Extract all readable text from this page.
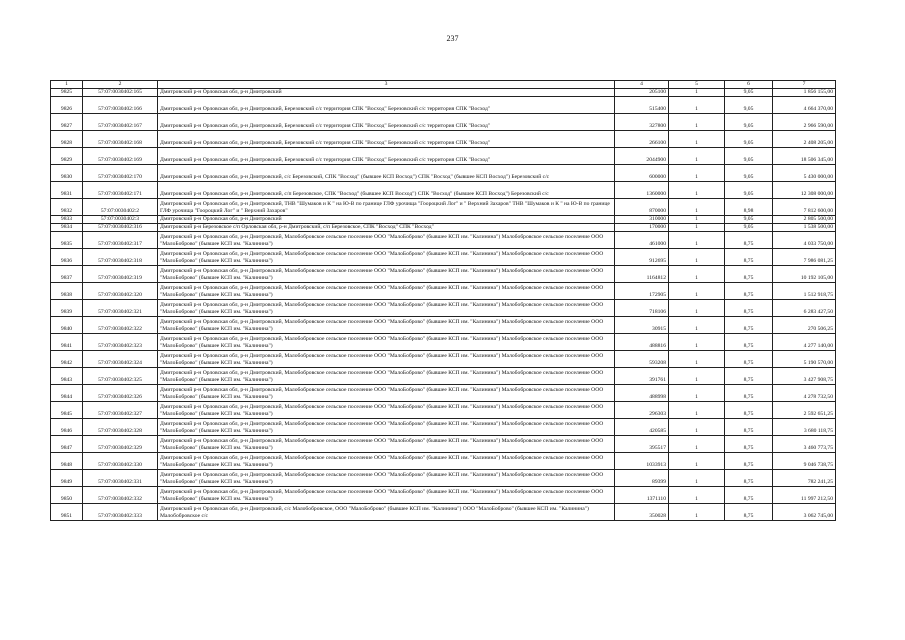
237
1	2	3	4	5	6	7
9825	57:07:0030402:165	Дмитровский р-н Орловская обл, р-н Дмитровский	205100	1	9,05	1 856 155,00
9826	57:07:0030402:166	Дмитровский р-н Орловская обл, р-н Дмитровский, Березовский с/с территория СПК "Восход" Березовский с/с территория СПК "Восход"	515400	1	9,05	4 664 370,00
9827	57:07:0030402:167	Дмитровский р-н Орловская обл, р-н Дмитровский, Березовский с/с территория СПК "Восход" Березовский с/с территория СПК "Восход"	327800	1	9,05	2 966 590,00
9828	57:07:0030402:168	Дмитровский р-н Орловская обл, р-н Дмитровский, Березовский с/с территория СПК "Восход" Березовский с/с территория СПК "Восход"	266100	1	9,05	2 408 205,00
9829	57:07:0030402:169	Дмитровский р-н Орловская обл, р-н Дмитровский, Березовский с/с территория СПК "Восход" Березовский с/с территория СПК "Восход"	2044900	1	9,05	18 506 345,00
9830	57:07:0030402:170	Дмитровский р-н Орловская обл, р-н Дмитровский, с/с Березовский, СПК "Восход" (бывшее КСП Восход") СПК "Восход" (бывшее КСП Восход") Березовский с/с	600000	1	9,05	5 430 000,00
9831	57:07:0030402:171	Дмитровский р-н Орловская обл, р-н Дмитровский, с/п Березовское, СПК "Восход" (бывшее КСП Восход") СПК "Восход" (бывшее КСП Восход") Березовский с/с	1360000	1	9,05	12 308 000,00
9832	57:07:0030402:2	Дмитровский р-н Орловская обл, р-н Дмитровский, ТНВ "Шумаков и К " на Ю-В по границе ГЛФ урочища "Гоороцкий Лог" и " Верхний Захаров" ТНВ "Шумаков и К " на Ю-В по границе ГЛФ урочища "Гоороцкий Лог" и " Верхний Захаров"	870000	1	8,98	7 812 600,00
9833	57:07:0030402:3	Дмитровский р-н Орловская обл, р-н Дмитровский	310000	1	9,05	2 805 500,00
9834	57:07:0030402:316	Дмитровский р-н Березовское с/п Орловская обл, р-н Дмитровский, с/п Березовское, СПК "Восход" СПК "Восход"	170000	1	9,05	1 538 500,00
9835	57:07:0030402:317	Дмитровский р-н Орловская обл, р-н Дмитровский, Малобобровское сельское поселение ООО "МалоБоброво" (бывшее КСП им. "Калинина") Малобобровское сельское поселение ООО "МалоБоброво" (бывшее КСП им. "Калинина")	461000	1	8,75	4 033 750,00
9836	57:07:0030402:318	Дмитровский р-н Орловская обл, р-н Дмитровский, Малобобровское сельское поселение ООО "МалоБоброво" (бывшее КСП им. "Калинина") Малобобровское сельское поселение ООО "МалоБоброво" (бывшее КСП им. "Калинина")	912695	1	8,75	7 986 081,25
9837	57:07:0030402:319	Дмитровский р-н Орловская обл, р-н Дмитровский, Малобобровское сельское поселение ООО "МалоБоброво" (бывшее КСП им. "Калинина") Малобобровское сельское поселение ООО "МалоБоброво" (бывшее КСП им. "Калинина")	1164812	1	8,75	10 192 105,00
9838	57:07:0030402:320	Дмитровский р-н Орловская обл, р-н Дмитровский, Малобобровское сельское поселение ООО "МалоБоброво" (бывшее КСП им. "Калинина") Малобобровское сельское поселение ООО "МалоБоброво" (бывшее КСП им. "Калинина")	172905	1	8,75	1 512 918,75
9839	57:07:0030402:321	Дмитровский р-н Орловская обл, р-н Дмитровский, Малобобровское сельское поселение ООО "МалоБоброво" (бывшее КСП им. "Калинина") Малобобровское сельское поселение ООО "МалоБоброво" (бывшее КСП им. "Калинина")	718106	1	8,75	6 283 427,50
9840	57:07:0030402:322	Дмитровский р-н Орловская обл, р-н Дмитровский, Малобобровское сельское поселение ООО "МалоБоброво" (бывшее КСП им. "Калинина") Малобобровское сельское поселение ООО "МалоБоброво" (бывшее КСП им. "Калинина")	30915	1	8,75	270 506,25
9841	57:07:0030402:323	Дмитровский р-н Орловская обл, р-н Дмитровский, Малобобровское сельское поселение ООО "МалоБоброво" (бывшее КСП им. "Калинина") Малобобровское сельское поселение ООО "МалоБоброво" (бывшее КСП им. "Калинина")	488816	1	8,75	4 277 140,00
9842	57:07:0030402:324	Дмитровский р-н Орловская обл, р-н Дмитровский, Малобобровское сельское поселение ООО "МалоБоброво" (бывшее КСП им. "Калинина") Малобобровское сельское поселение ООО "МалоБоброво" (бывшее КСП им. "Калинина")	593208	1	8,75	5 190 570,00
9843	57:07:0030402:325	Дмитровский р-н Орловская обл, р-н Дмитровский, Малобобровское сельское поселение ООО "МалоБоброво" (бывшее КСП им. "Калинина") Малобобровское сельское поселение ООО "МалоБоброво" (бывшее КСП им. "Калинина")	391761	1	8,75	3 427 908,75
9844	57:07:0030402:326	Дмитровский р-н Орловская обл, р-н Дмитровский, Малобобровское сельское поселение ООО "МалоБоброво" (бывшее КСП им. "Калинина") Малобобровское сельское поселение ООО "МалоБоброво" (бывшее КСП им. "Калинина")	488998	1	8,75	4 278 732,50
9845	57:07:0030402:327	Дмитровский р-н Орловская обл, р-н Дмитровский, Малобобровское сельское поселение ООО "МалоБоброво" (бывшее КСП им. "Калинина") Малобобровское сельское поселение ООО "МалоБоброво" (бывшее КСП им. "Калинина")	296303	1	8,75	2 592 651,25
9846	57:07:0030402:328	Дмитровский р-н Орловская обл, р-н Дмитровский, Малобобровское сельское поселение ООО "МалоБоброво" (бывшее КСП им. "Калинина") Малобобровское сельское поселение ООО "МалоБоброво" (бывшее КСП им. "Калинина")	420585	1	8,75	3 680 118,75
9847	57:07:0030402:329	Дмитровский р-н Орловская обл, р-н Дмитровский, Малобобровское сельское поселение ООО "МалоБоброво" (бывшее КСП им. "Калинина") Малобобровское сельское поселение ООО "МалоБоброво" (бывшее КСП им. "Калинина")	395517	1	8,75	3 460 773,75
9848	57:07:0030402:330	Дмитровский р-н Орловская обл, р-н Дмитровский, Малобобровское сельское поселение ООО "МалоБоброво" (бывшее КСП им. "Калинина") Малобобровское сельское поселение ООО "МалоБоброво" (бывшее КСП им. "Калинина")	1033913	1	8,75	9 046 738,75
9849	57:07:0030402:331	Дмитровский р-н Орловская обл, р-н Дмитровский, Малобобровское сельское поселение ООО "МалоБоброво" (бывшее КСП им. "Калинина") Малобобровское сельское поселение ООО "МалоБоброво" (бывшее КСП им. "Калинина")	89399	1	8,75	782 241,25
9850	57:07:0030402:332	Дмитровский р-н Орловская обл, р-н Дмитровский, Малобобровское сельское поселение ООО "МалоБоброво" (бывшее КСП им. "Калинина") Малобобровское сельское поселение ООО "МалоБоброво" (бывшее КСП им. "Калинина")	1371110	1	8,75	11 997 212,50
9851	57:07:0030402:333	Дмитровский р-н Орловская обл, р-н Дмитровский, с/с Малобобровское, ООО "МалоБоброво" (бывшее КСП им. "Калинина") ООО "МалоБоброво" (бывшее КСП им. "Калинина") Малобобровское с/с	350028	1	8,75	3 062 745,00
